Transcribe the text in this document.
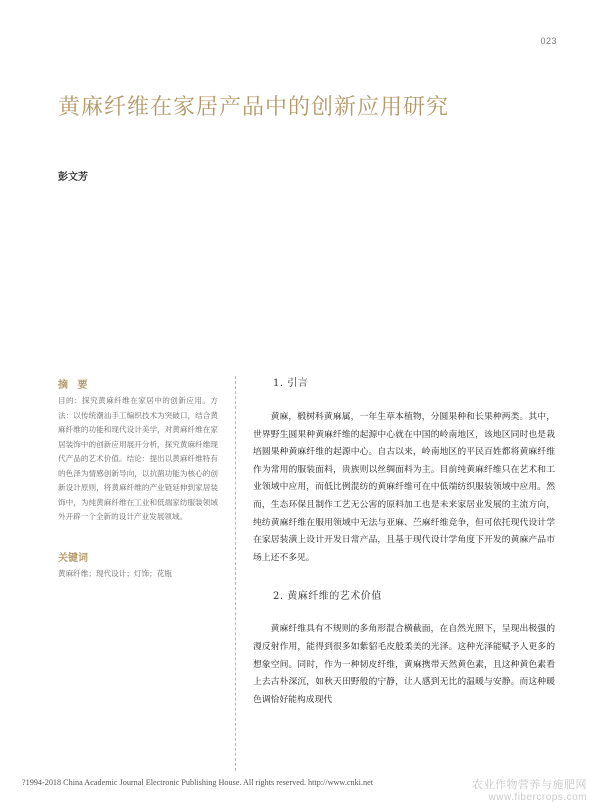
023
黄麻纤维在家居产品中的创新应用研究
彭文芳
摘 要

目的：探究黄麻纤维在家居中的创新应用。方法：以传统潮汕手工编织技术为突破口，结合黄麻纤维的功能和现代设计美学，对黄麻纤维在家居装饰中的创新应用展开分析，探究黄麻纤维现代产品的艺术价值。结论：提出以黄麻纤维特有的色泽为情感创新导向，以抗菌功能为核心的创新设计原则，将黄麻纤维的产业链延伸到家居装饰中，为纯黄麻纤维在工业和低端家纺服装领域外开辟一个全新的设计产业发展领域。

关键词
黄麻纤维；现代设计；灯饰；花瓶
1. 引言

黄麻，椴树科黄麻属，一年生草本植物，分圆果种和长果种两类。其中，世界野生圆果种黄麻纤维的起源中心就在中国的岭南地区，该地区同时也是栽培圆果种黄麻纤维的起源中心。自古以来，岭南地区的平民百姓都将黄麻纤维作为常用的服装面料，贵族则以丝绸面料为主。目前纯黄麻纤维只在艺术和工业领域中应用，而低比例混纺的黄麻纤维可在中低端纺织服装领域中应用。然而，生态环保且制作工艺无公害的原料加工也是未来家居业发展的主流方向，纯纺黄麻纤维在服用领域中无法与亚麻、苎麻纤维竞争，但可依托现代设计学在家居装潢上设计开发日常产品，且基于现代设计学角度下开发的黄麻产品市场上还不多见。

2. 黄麻纤维的艺术价值

黄麻纤维具有不规则的多角形混合横截面，在自然光照下，呈现出极强的漫反射作用，能得到很多如紫貂毛皮般柔美的光泽。这种光泽能赋予人更多的想象空间。同时，作为一种韧皮纤维，黄麻携带天然黄色素，且这种黄色素看上去古朴深沉，如秋天田野般的宁静，让人感到无比的温暖与安静。而这种暖色调恰好能构成现代

?1994-2018 China Academic Journal Electronic Publishing House. All rights reserved. http://www.cnki.net	农业作物营养与施肥网
www.fibercrops.com
